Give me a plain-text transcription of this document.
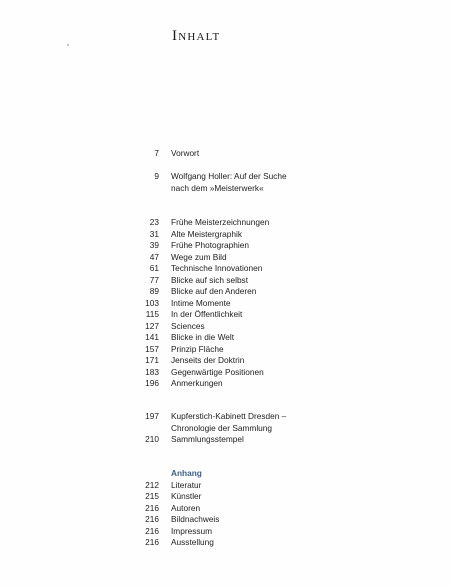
Inhalt
7 Vorwort
9 Wolfgang Holler: Auf der Suche
nach dem »Meisterwerk«
23 Frühe Meisterzeichnungen
31 Alte Meistergraphik
39 Frühe Photographien
47 Wege zum Bild
61 Technische Innovationen
77 Blicke auf sich selbst
89 Blicke auf den Anderen
103 Intime Momente
115 In der Öffentlichkeit
127 Sciences
141 Blicke in die Welt
157 Prinzip Fläche
171 Jenseits der Doktrin
183 Gegenwärtige Positionen
196 Anmerkungen
197 Kupferstich-Kabinett Dresden –
Chronologie der Sammlung
210 Sammlungsstempel
Anhang
212 Literatur
215 Künstler
216 Autoren
216 Bildnachweis
216 Impressum
216 Ausstellung
